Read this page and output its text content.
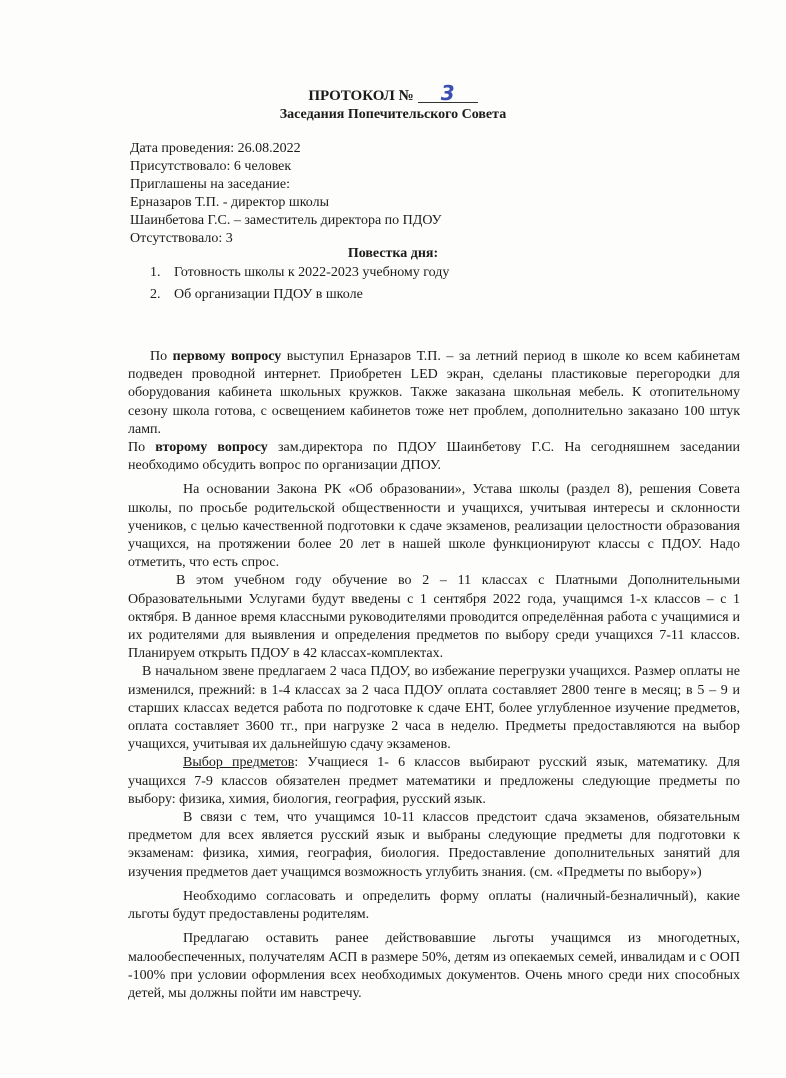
ПРОТОКОЛ № 3
Заседания Попечительского Совета
Дата проведения: 26.08.2022
Присутствовало: 6 человек
Приглашены на заседание:
Ерназаров Т.П. - директор школы
Шаинбетова Г.С. – заместитель директора по ПДОУ
Отсутствовало: 3
Повестка дня:
1. Готовность школы к 2022-2023 учебному году
2. Об организации ПДОУ в школе

По первому вопросу выступил Ерназаров Т.П. – за летний период в школе ко всем кабинетам подведен проводной интернет. Приобретен LED экран, сделаны пластиковые перегородки для оборудования кабинета школьных кружков. Также заказана школьная мебель. К отопительному сезону школа готова, с освещением кабинетов тоже нет проблем, дополнительно заказано 100 штук ламп.

По второму вопросу зам.директора по ПДОУ Шаинбетову Г.С. На сегодняшнем заседании необходимо обсудить вопрос по организации ДПОУ.

На основании Закона РК «Об образовании», Устава школы (раздел 8), решения Совета школы, по просьбе родительской общественности и учащихся, учитывая интересы и склонности учеников, с целью качественной подготовки к сдаче экзаменов, реализации целостности образования учащихся, на протяжении более 20 лет в нашей школе функционируют классы с ПДОУ. Надо отметить, что есть спрос.

В этом учебном году обучение во 2 – 11 классах с Платными Дополнительными Образовательными Услугами будут введены с 1 сентября 2022 года, учащимся 1-х классов – с 1 октября. В данное время классными руководителями проводится определённая работа с учащимися и их родителями для выявления и определения предметов по выбору среди учащихся 7-11 классов. Планируем открыть ПДОУ в 42 классах-комплектах.

В начальном звене предлагаем 2 часа ПДОУ, во избежание перегрузки учащихся. Размер оплаты не изменился, прежний: в 1-4 классах за 2 часа ПДОУ оплата составляет 2800 тенге в месяц; в 5 – 9 и старших классах ведется работа по подготовке к сдаче ЕНТ, более углубленное изучение предметов, оплата составляет 3600 тг., при нагрузке 2 часа в неделю. Предметы предоставляются на выбор учащихся, учитывая их дальнейшую сдачу экзаменов.

Выбор предметов: Учащиеся 1- 6 классов выбирают русский язык, математику. Для учащихся 7-9 классов обязателен предмет математики и предложены следующие предметы по выбору: физика, химия, биология, география, русский язык.

В связи с тем, что учащимся 10-11 классов предстоит сдача экзаменов, обязательным предметом для всех является русский язык и выбраны следующие предметы для подготовки к экзаменам: физика, химия, география, биология. Предоставление дополнительных занятий для изучения предметов дает учащимся возможность углубить знания. (см. «Предметы по выбору»)

Необходимо согласовать и определить форму оплаты (наличный-безналичный), какие льготы будут предоставлены родителям.

Предлагаю оставить ранее действовавшие льготы учащимся из многодетных, малообеспеченных, получателям АСП в размере 50%, детям из опекаемых семей, инвалидам и с ООП -100% при условии оформления всех необходимых документов. Очень много среди них способных детей, мы должны пойти им навстречу.
